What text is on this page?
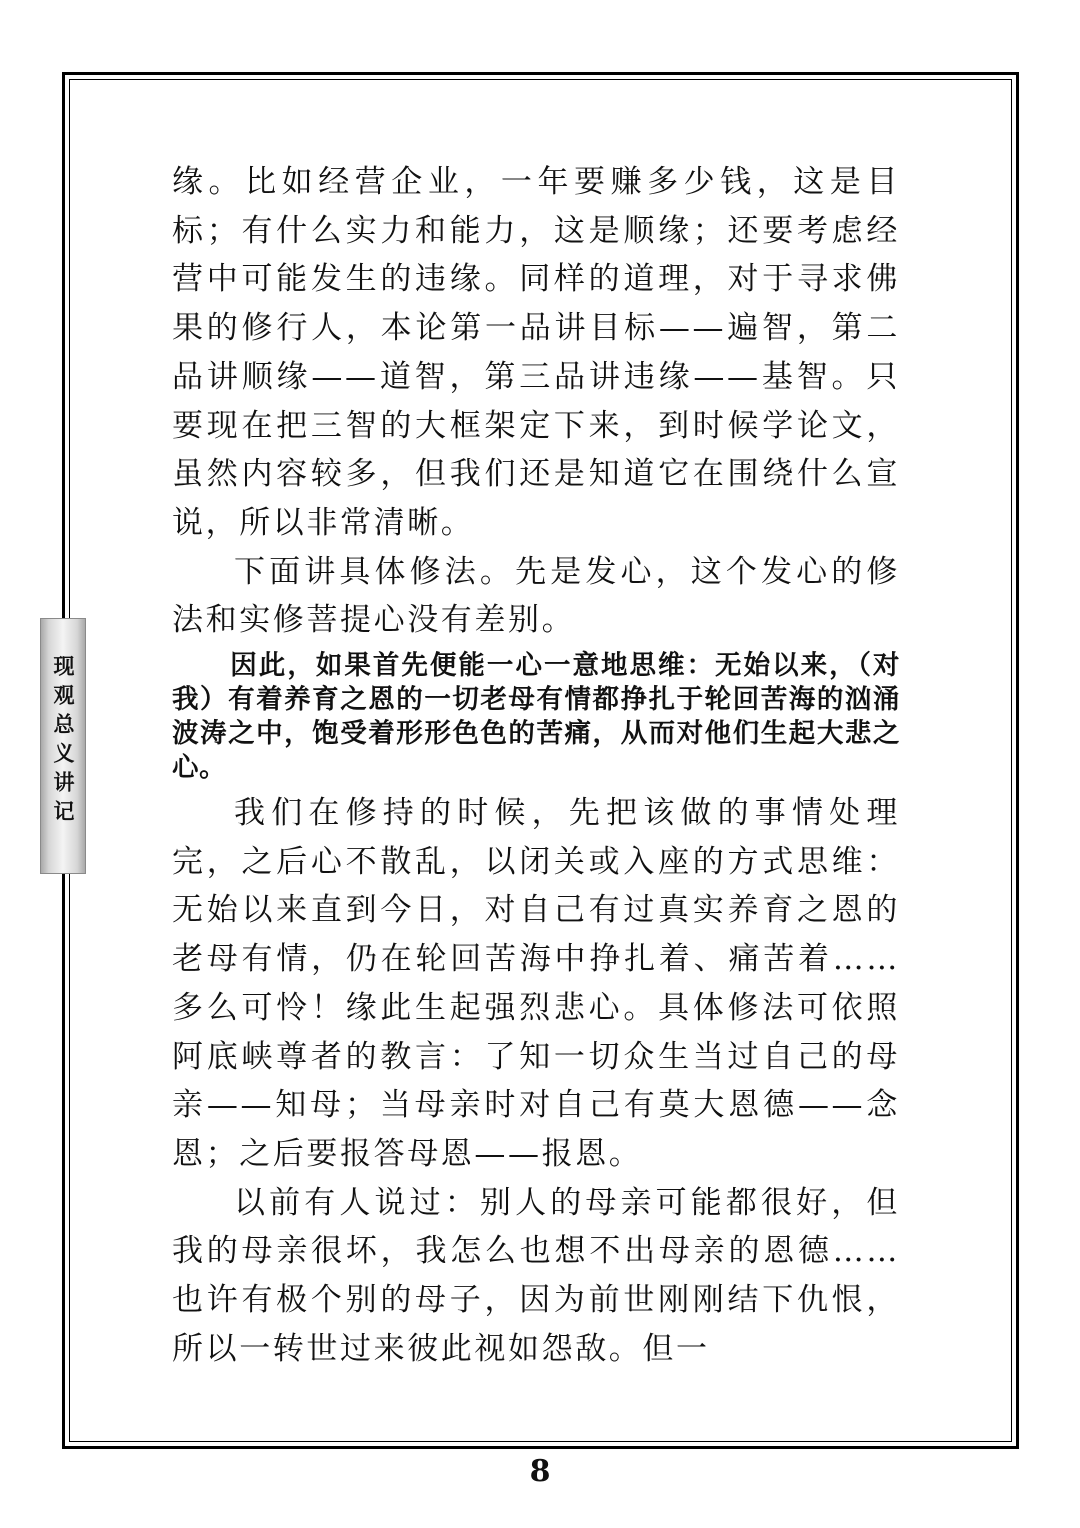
现观总义讲记

缘。比如经营企业，一年要赚多少钱，这是目标；有什么实力和能力，这是顺缘；还要考虑经营中可能发生的违缘。同样的道理，对于寻求佛果的修行人，本论第一品讲目标——遍智，第二品讲顺缘——道智，第三品讲违缘——基智。只要现在把三智的大框架定下来，到时候学论文，虽然内容较多，但我们还是知道它在围绕什么宣说，所以非常清晰。

下面讲具体修法。先是发心，这个发心的修法和实修菩提心没有差别。

因此，如果首先便能一心一意地思维：无始以来，（对我）有着养育之恩的一切老母有情都挣扎于轮回苦海的汹涌波涛之中，饱受着形形色色的苦痛，从而对他们生起大悲之心。

我们在修持的时候，先把该做的事情处理完，之后心不散乱，以闭关或入座的方式思维：无始以来直到今日，对自己有过真实养育之恩的老母有情，仍在轮回苦海中挣扎着、痛苦着……多么可怜！缘此生起强烈悲心。具体修法可依照阿底峡尊者的教言：了知一切众生当过自己的母亲——知母；当母亲时对自己有莫大恩德——念恩；之后要报答母恩——报恩。

以前有人说过：别人的母亲可能都很好，但我的母亲很坏，我怎么也想不出母亲的恩德……也许有极个别的母子，因为前世刚刚结下仇恨，所以一转世过来彼此视如怨敌。但一

8
